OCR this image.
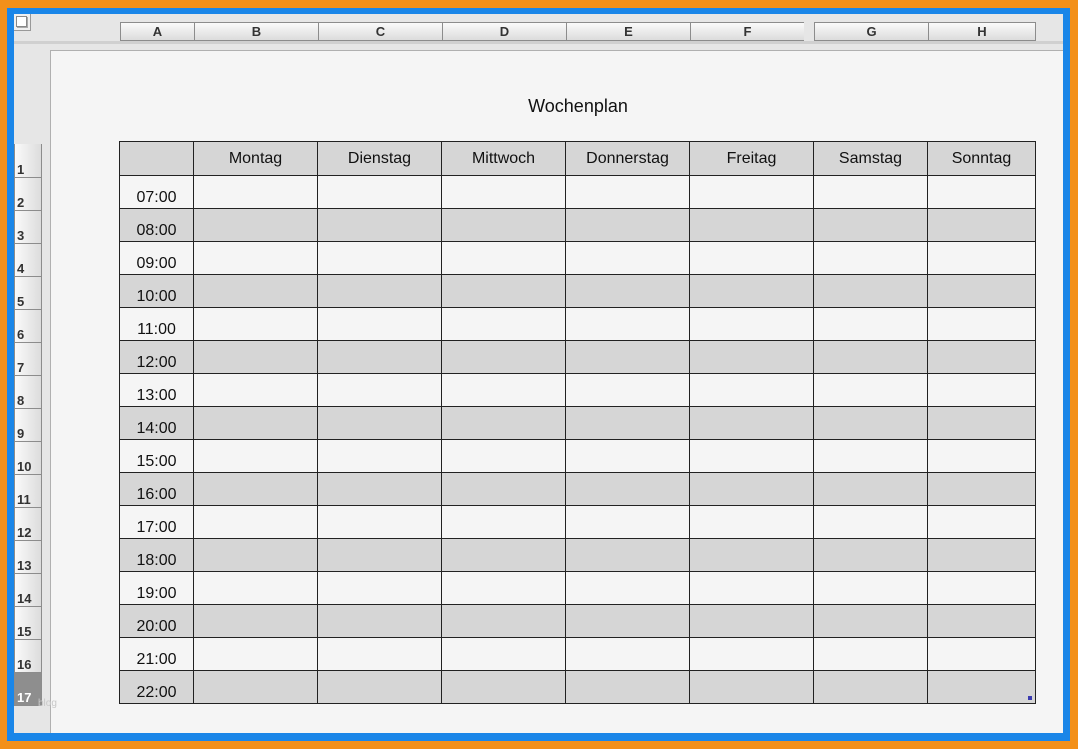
A	B	C	D	E	F	G	H
1
2
3
4
5
6
7
8
9
10
11
12
13
14
15
16
17
Wochenplan
	Montag	Dienstag	Mittwoch	Donnerstag	Freitag	Samstag	Sonntag
07:00							
08:00							
09:00							
10:00							
11:00							
12:00							
13:00							
14:00							
15:00							
16:00							
17:00							
18:00							
19:00							
20:00							
21:00							
22:00							
blog
